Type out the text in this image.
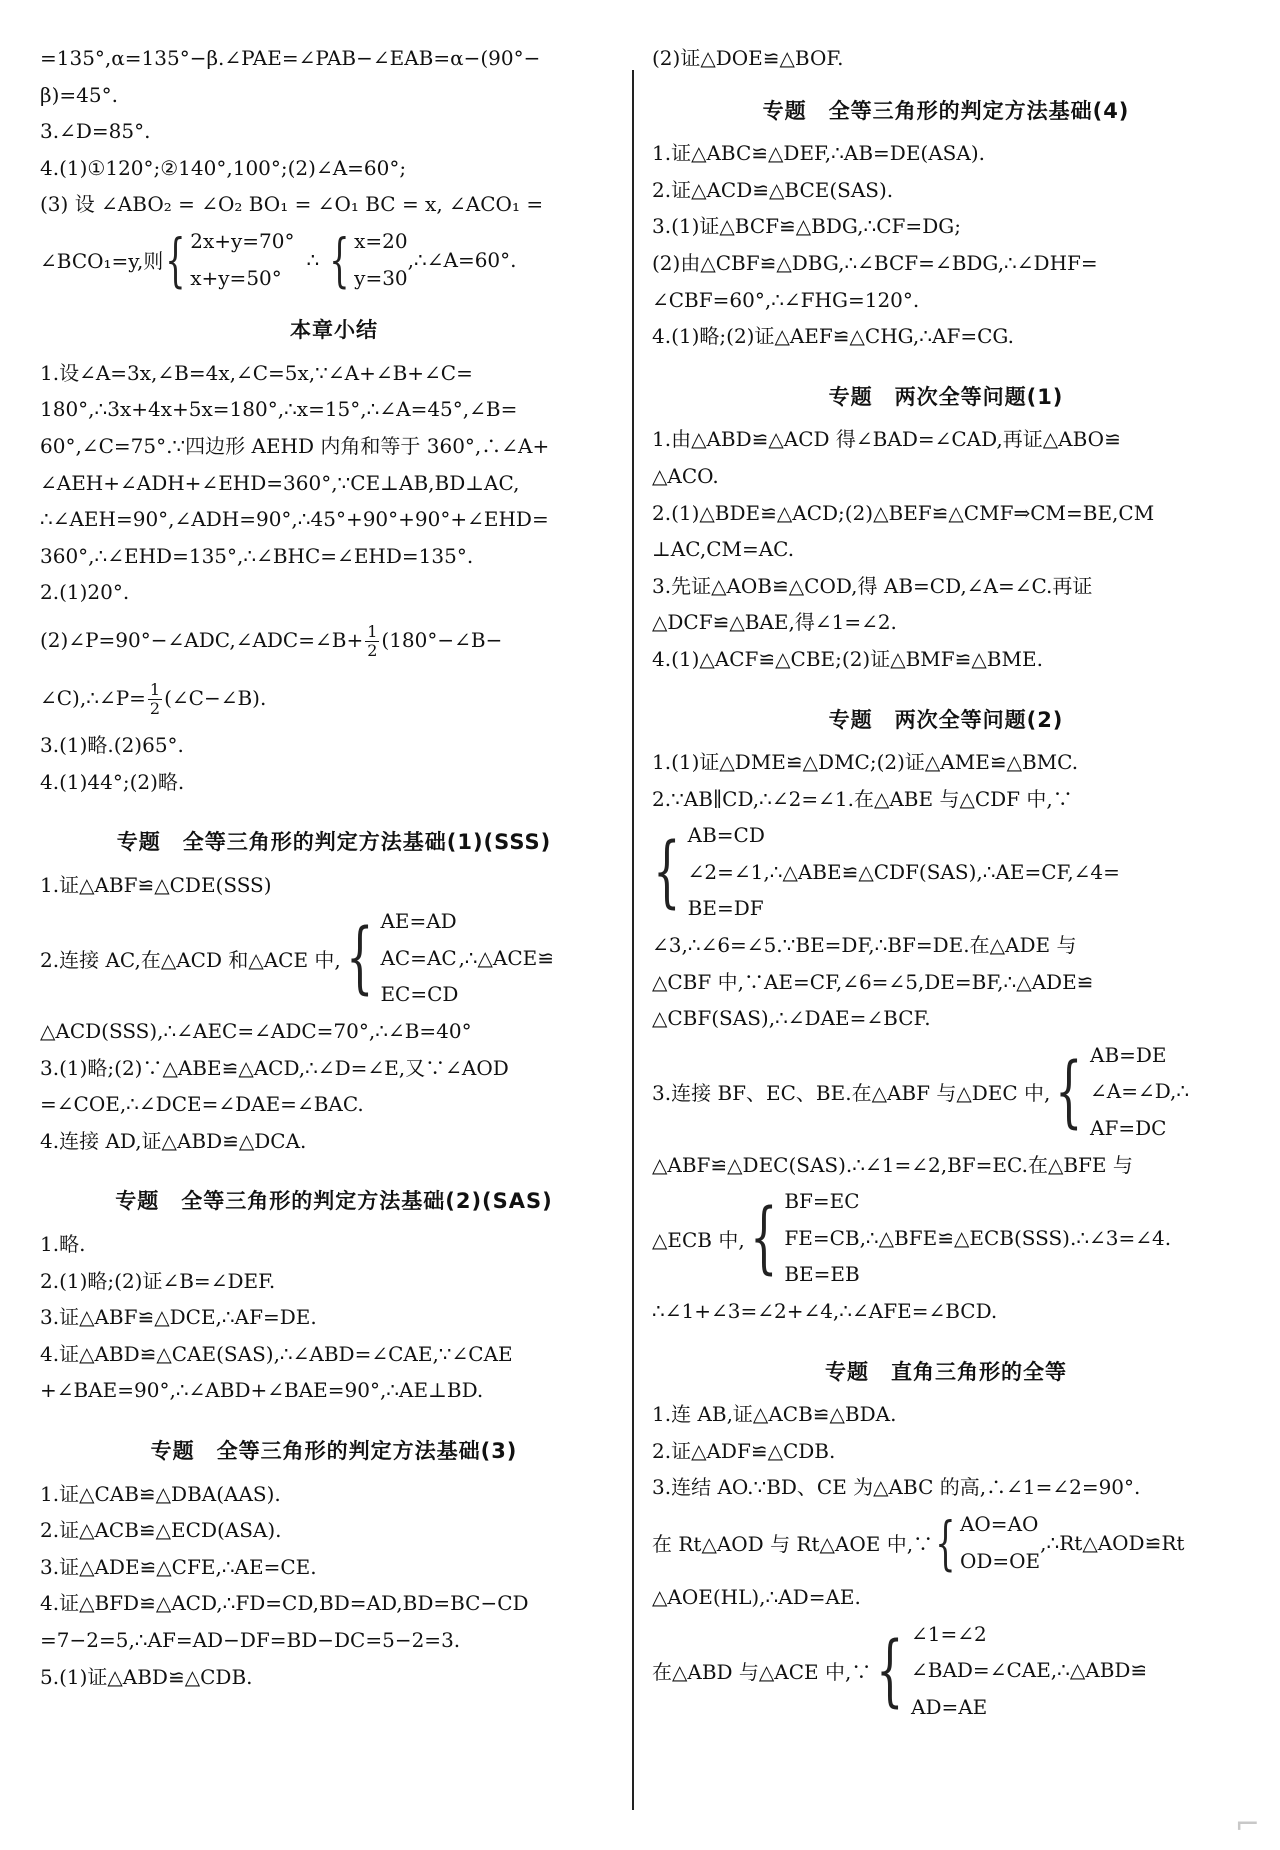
=135°,α=135°−β.∠PAE=∠PAB−∠EAB=α−(90°−
β)=45°.
3.∠D=85°.
4.(1)①120°;②140°,100°;(2)∠A=60°;
(3) 设 ∠ABO₂ = ∠O₂ BO₁ = ∠O₁ BC = x, ∠ACO₁ =
∠BCO₁=y,则 { 2x+y=70°
x+y=50°
∴ { x=20
y=30
,∴∠A=60°.
本章小结
1.设∠A=3x,∠B=4x,∠C=5x,∵∠A+∠B+∠C=
180°,∴3x+4x+5x=180°,∴x=15°,∴∠A=45°,∠B=
60°,∠C=75°.∵四边形 AEHD 内角和等于 360°,∴∠A+
∠AEH+∠ADH+∠EHD=360°,∵CE⊥AB,BD⊥AC,
∴∠AEH=90°,∠ADH=90°,∴45°+90°+90°+∠EHD=
360°,∴∠EHD=135°,∴∠BHC=∠EHD=135°.
2.(1)20°.
(2)∠P=90°−∠ADC,∠ADC=∠B+ $\frac{1}{2}$ (180°−∠B−
∠C),∴∠P= $\frac{1}{2}$ (∠C−∠B).
3.(1)略.(2)65°.
4.(1)44°;(2)略.
专题　全等三角形的判定方法基础(1)(SSS)
1.证△ABF≌△CDE(SSS)
2.连接 AC,在△ACD 和△ACE 中, { AE=AD
AC=AC
EC=CD
,∴△ACE≌
△ACD(SSS),∴∠AEC=∠ADC=70°,∴∠B=40°
3.(1)略;(2)∵△ABE≌△ACD,∴∠D=∠E,又∵∠AOD
=∠COE,∴∠DCE=∠DAE=∠BAC.
4.连接 AD,证△ABD≌△DCA.
专题　全等三角形的判定方法基础(2)(SAS)
1.略.
2.(1)略;(2)证∠B=∠DEF.
3.证△ABF≌△DCE,∴AF=DE.
4.证△ABD≌△CAE(SAS),∴∠ABD=∠CAE,∵∠CAE
+∠BAE=90°,∴∠ABD+∠BAE=90°,∴AE⊥BD.
专题　全等三角形的判定方法基础(3)
1.证△CAB≌△DBA(AAS).
2.证△ACB≌△ECD(ASA).
3.证△ADE≌△CFE,∴AE=CE.
4.证△BFD≌△ACD,∴FD=CD,BD=AD,BD=BC−CD
=7−2=5,∴AF=AD−DF=BD−DC=5−2=3.
5.(1)证△ABD≌△CDB.
(2)证△DOE≌△BOF.
专题　全等三角形的判定方法基础(4)
1.证△ABC≌△DEF,∴AB=DE(ASA).
2.证△ACD≌△BCE(SAS).
3.(1)证△BCF≌△BDG,∴CF=DG;
(2)由△CBF≌△DBG,∴∠BCF=∠BDG,∴∠DHF=
∠CBF=60°,∴∠FHG=120°.
4.(1)略;(2)证△AEF≌△CHG,∴AF=CG.
专题　两次全等问题(1)
1.由△ABD≌△ACD 得∠BAD=∠CAD,再证△ABO≌
△ACO.
2.(1)△BDE≌△ACD;(2)△BEF≌△CMF⇒CM=BE,CM
⊥AC,CM=AC.
3.先证△AOB≌△COD,得 AB=CD,∠A=∠C.再证
△DCF≌△BAE,得∠1=∠2.
4.(1)△ACF≌△CBE;(2)证△BMF≌△BME.
专题　两次全等问题(2)
1.(1)证△DME≌△DMC;(2)证△AME≌△BMC.
2.∵AB∥CD,∴∠2=∠1.在△ABE 与△CDF 中,∵
{ AB=CD
∠2=∠1,∴△ABE≌△CDF(SAS),∴AE=CF,∠4=
BE=DF
∠3,∴∠6=∠5.∵BE=DF,∴BF=DE.在△ADE 与
△CBF 中,∵AE=CF,∠6=∠5,DE=BF,∴△ADE≌
△CBF(SAS),∴∠DAE=∠BCF.
3.连接 BF、EC、BE.在△ABF 与△DEC 中, { AB=DE
∠A=∠D,∴
AF=DC
△ABF≌△DEC(SAS).∴∠1=∠2,BF=EC.在△BFE 与
△ECB 中, { BF=EC
FE=CB,∴△BFE≌△ECB(SSS).∴∠3=∠4.
BE=EB
∴∠1+∠3=∠2+∠4,∴∠AFE=∠BCD.
专题　直角三角形的全等
1.连 AB,证△ACB≌△BDA.
2.证△ADF≌△CDB.
3.连结 AO.∵BD、CE 为△ABC 的高,∴∠1=∠2=90°.
在 Rt△AOD 与 Rt△AOE 中,∵ { AO=AO
OD=OE
,∴Rt△AOD≌Rt
△AOE(HL),∴AD=AE.
在△ABD 与△ACE 中,∵ { ∠1=∠2
∠BAD=∠CAE,∴△ABD≌
AD=AE
⌐
